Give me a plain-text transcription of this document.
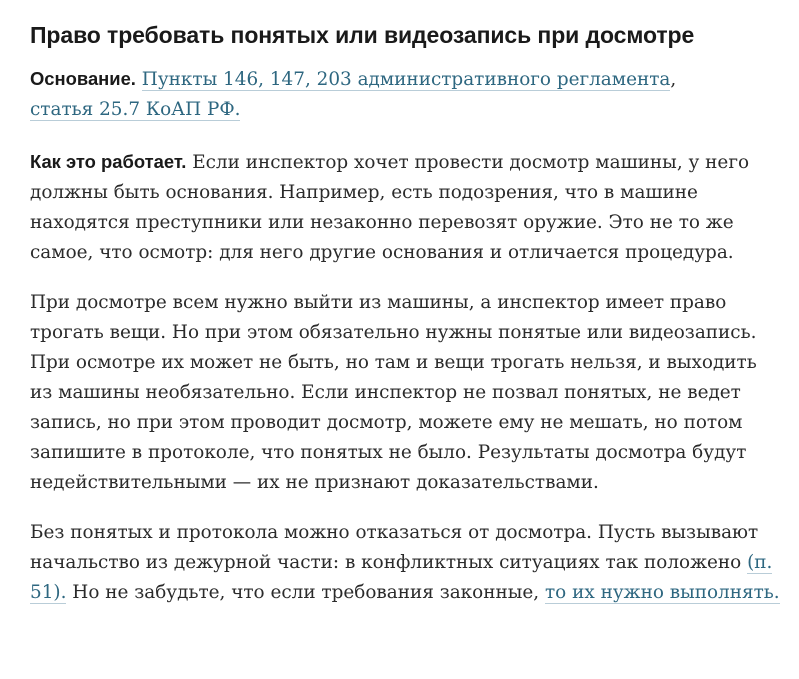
Право требовать понятых или видеозапись при досмотре

Основание. Пункты 146, 147, 203 административного регламента,
статья 25.7 КоАП РФ.

Как это работает. Если инспектор хочет провести досмотр машины, у него должны быть основания. Например, есть подозрения, что в машине находятся преступники или незаконно перевозят оружие. Это не то же самое, что осмотр: для него другие основания и отличается процедура.

При досмотре всем нужно выйти из машины, а инспектор имеет право трогать вещи. Но при этом обязательно нужны понятые или видеозапись. При осмотре их может не быть, но там и вещи трогать нельзя, и выходить из машины необязательно. Если инспектор не позвал понятых, не ведет запись, но при этом проводит досмотр, можете ему не мешать, но потом запишите в протоколе, что понятых не было. Результаты досмотра будут недействительными — их не признают доказательствами.

Без понятых и протокола можно отказаться от досмотра. Пусть вызывают начальство из дежурной части: в конфликтных ситуациях так положено (п. 51). Но не забудьте, что если требования законные, то их нужно выполнять.
